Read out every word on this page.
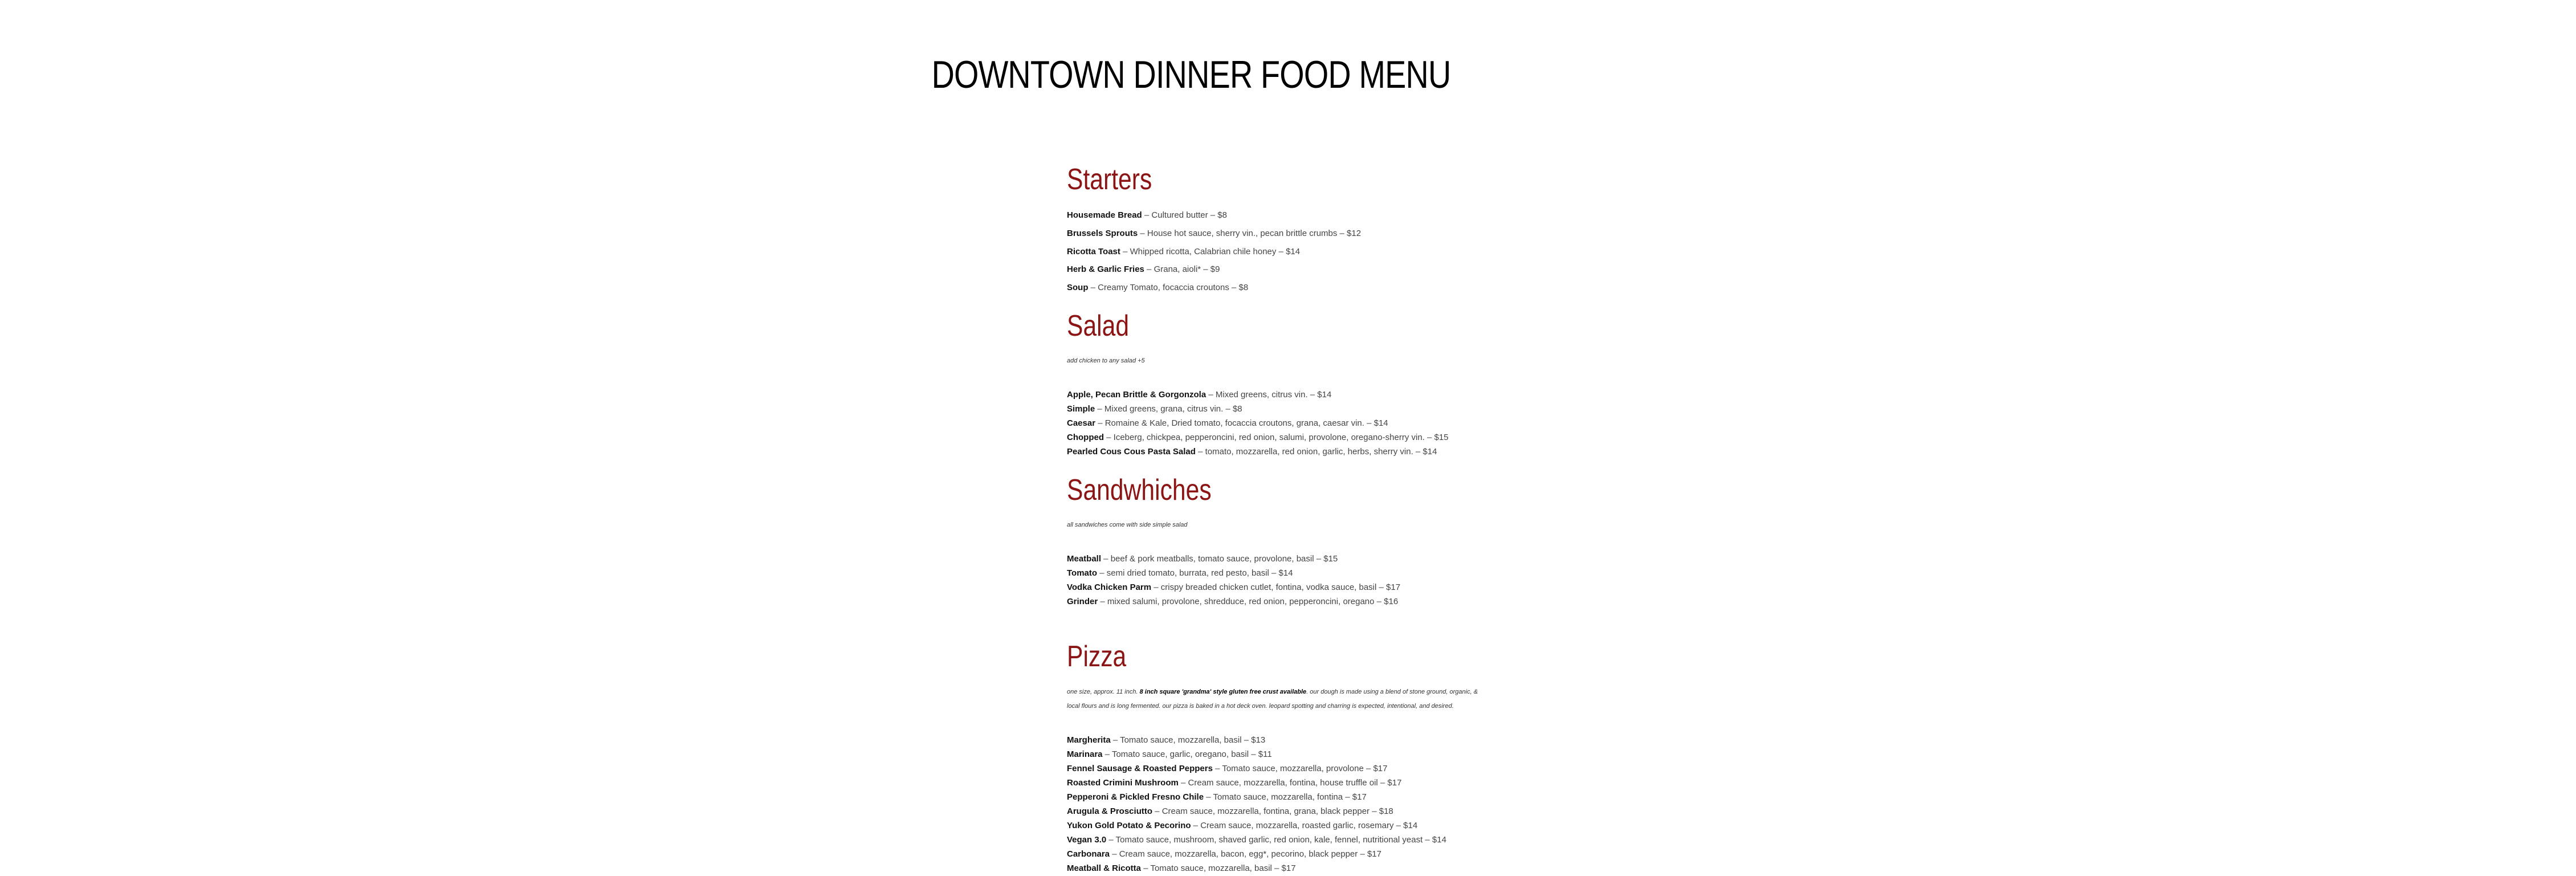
DOWNTOWN DINNER FOOD MENU
Starters
Housemade Bread – Cultured butter – $8
Brussels Sprouts – House hot sauce, sherry vin., pecan brittle crumbs – $12
Ricotta Toast – Whipped ricotta, Calabrian chile honey – $14
Herb & Garlic Fries – Grana, aioli* – $9
Soup – Creamy Tomato, focaccia croutons – $8
Salad
add chicken to any salad +5
Apple, Pecan Brittle & Gorgonzola – Mixed greens, citrus vin. – $14
Simple – Mixed greens, grana, citrus vin. – $8
Caesar – Romaine & Kale, Dried tomato, focaccia croutons, grana, caesar vin. – $14
Chopped – Iceberg, chickpea, pepperoncini, red onion, salumi, provolone, oregano-sherry vin. – $15
Pearled Cous Cous Pasta Salad – tomato, mozzarella, red onion, garlic, herbs, sherry vin. – $14
Sandwhiches
all sandwiches come with side simple salad
Meatball – beef & pork meatballs, tomato sauce, provolone, basil – $15
Tomato – semi dried tomato, burrata, red pesto, basil – $14
Vodka Chicken Parm – crispy breaded chicken cutlet, fontina, vodka sauce, basil – $17
Grinder – mixed salumi, provolone, shredduce, red onion, pepperoncini, oregano – $16
Pizza
one size, approx. 11 inch. 8 inch square 'grandma' style gluten free crust available. our dough is made using a blend of stone ground, organic, &
local flours and is long fermented. our pizza is baked in a hot deck oven. leopard spotting and charring is expected, intentional, and desired.
Margherita – Tomato sauce, mozzarella, basil – $13
Marinara – Tomato sauce, garlic, oregano, basil – $11
Fennel Sausage & Roasted Peppers – Tomato sauce, mozzarella, provolone – $17
Roasted Crimini Mushroom – Cream sauce, mozzarella, fontina, house truffle oil – $17
Pepperoni & Pickled Fresno Chile – Tomato sauce, mozzarella, fontina – $17
Arugula & Prosciutto – Cream sauce, mozzarella, fontina, grana, black pepper – $18
Yukon Gold Potato & Pecorino – Cream sauce, mozzarella, roasted garlic, rosemary – $14
Vegan 3.0 – Tomato sauce, mushroom, shaved garlic, red onion, kale, fennel, nutritional yeast – $14
Carbonara – Cream sauce, mozzarella, bacon, egg*, pecorino, black pepper – $17
Meatball & Ricotta – Tomato sauce, mozzarella, basil – $17
